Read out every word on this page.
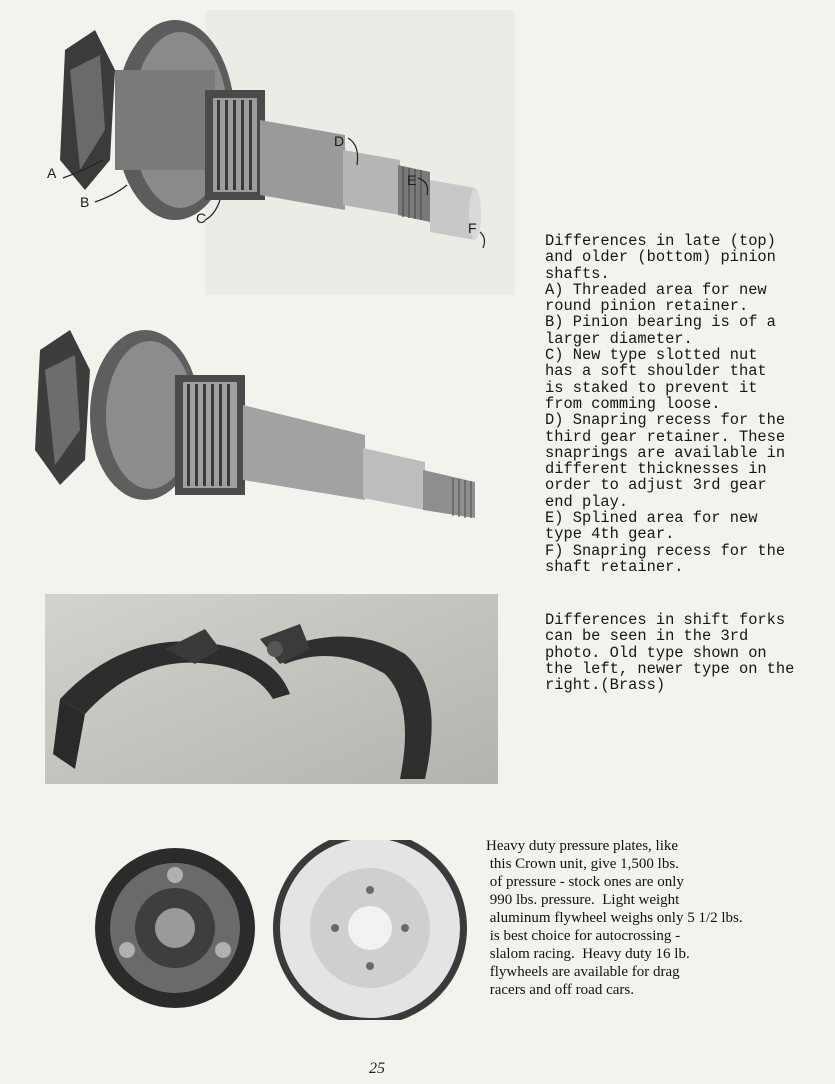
A
B
C
D
E
F
Differences in late (top)
and older (bottom) pinion
shafts.
A) Threaded area for new
round pinion retainer.
B) Pinion bearing is of a
larger diameter.
C) New type slotted nut
has a soft shoulder that
is staked to prevent it
from comming loose.
D) Snapring recess for the
third gear retainer. These
snaprings are available in
different thicknesses in
order to adjust 3rd gear
end play.
E) Splined area for new
type 4th gear.
F) Snapring recess for the
shaft retainer.
Differences in shift forks
can be seen in the 3rd
photo. Old type shown on
the left, newer type on the
right.(Brass)
Heavy duty pressure plates, like
this Crown unit, give 1,500 lbs.
of pressure - stock ones are only
990 lbs. pressure.  Light weight
aluminum flywheel weighs only 5 1/2 lbs.
is best choice for autocrossing -
slalom racing.  Heavy duty 16 lb.
flywheels are available for drag
racers and off road cars.
25
